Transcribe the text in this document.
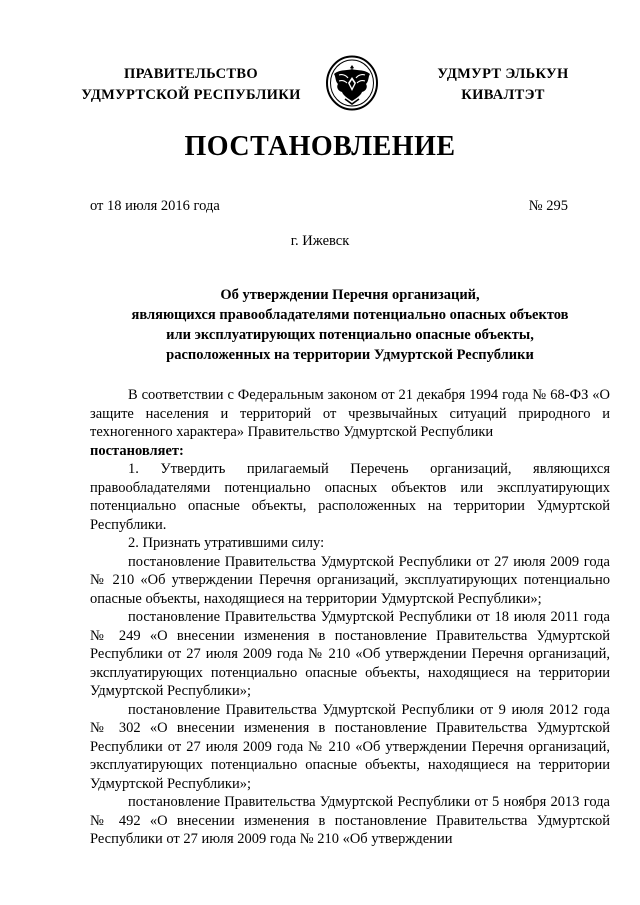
ПРАВИТЕЛЬСТВО
УДМУРТСКОЙ РЕСПУБЛИКИ
УДМУРТ ЭЛЬКУН
КИВАЛТЭТ
ПОСТАНОВЛЕНИЕ
от 18 июля 2016 года	№ 295
г. Ижевск
Об утверждении Перечня организаций,
являющихся правообладателями потенциально опасных объектов
или эксплуатирующих потенциально опасные объекты,
расположенных на территории Удмуртской Республики

В соответствии с Федеральным законом от 21 декабря 1994 года № 68-ФЗ «О защите населения и территорий от чрезвычайных ситуаций природного и техногенного характера» Правительство Удмуртской Республики
постановляет:

1. Утвердить прилагаемый Перечень организаций, являющихся правообладателями потенциально опасных объектов или эксплуатирующих потенциально опасные объекты, расположенных на территории Удмуртской Республики.

2. Признать утратившими силу:

постановление Правительства Удмуртской Республики от 27 июля 2009 года № 210 «Об утверждении Перечня организаций, эксплуатирующих потенциально опасные объекты, находящиеся на территории Удмуртской Республики»;

постановление Правительства Удмуртской Республики от 18 июля 2011 года № 249 «О внесении изменения в постановление Правительства Удмуртской Республики от 27 июля 2009 года № 210 «Об утверждении Перечня организаций, эксплуатирующих потенциально опасные объекты, находящиеся на территории Удмуртской Республики»;

постановление Правительства Удмуртской Республики от 9 июля 2012 года № 302 «О внесении изменения в постановление Правительства Удмуртской Республики от 27 июля 2009 года № 210 «Об утверждении Перечня организаций, эксплуатирующих потенциально опасные объекты, находящиеся на территории Удмуртской Республики»;

постановление Правительства Удмуртской Республики от 5 ноября 2013 года № 492 «О внесении изменения в постановление Правительства Удмуртской Республики от 27 июля 2009 года № 210 «Об утверждении
